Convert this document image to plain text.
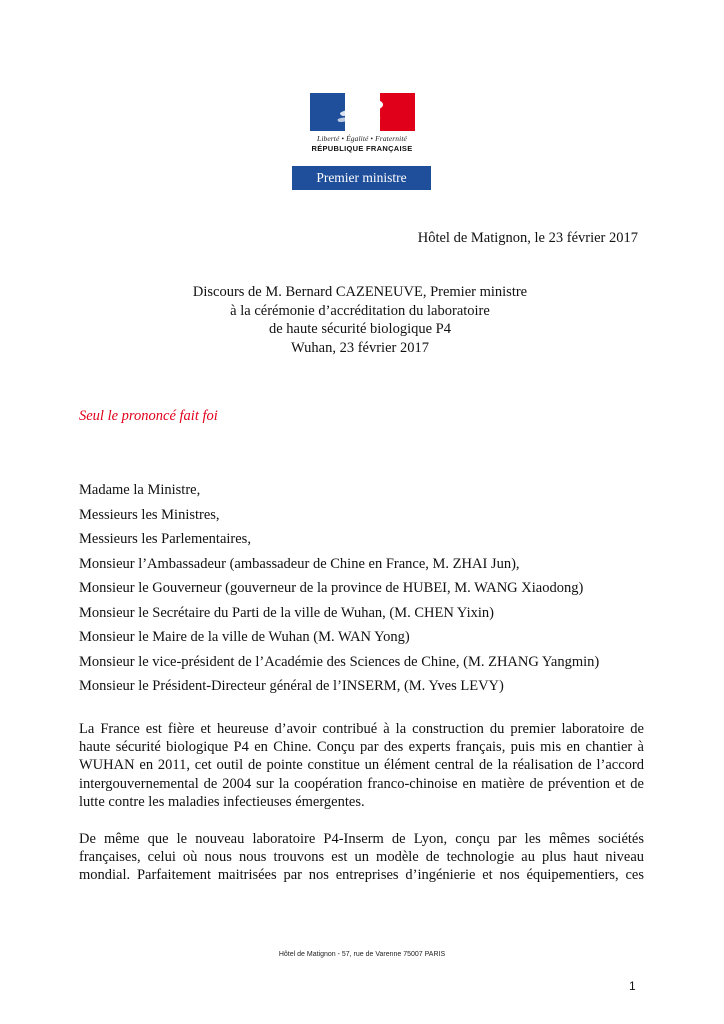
Liberté • Égalité • Fraternité
RÉPUBLIQUE FRANÇAISE
Premier ministre
Hôtel de Matignon, le 23 février 2017
Discours de M. Bernard CAZENEUVE, Premier ministre
à la cérémonie d’accréditation du laboratoire
de haute sécurité biologique P4
Wuhan, 23 février 2017
Seul le prononcé fait foi
Madame la Ministre,
Messieurs les Ministres,
Messieurs les Parlementaires,
Monsieur l’Ambassadeur (ambassadeur de Chine en France, M. ZHAI Jun),
Monsieur le Gouverneur (gouverneur de la province de HUBEI, M. WANG Xiaodong)
Monsieur le Secrétaire du Parti de la ville de Wuhan, (M. CHEN Yixin)
Monsieur le Maire de la ville de Wuhan (M. WAN Yong)
Monsieur le vice-président de l’Académie des Sciences de Chine, (M. ZHANG Yangmin)
Monsieur le Président-Directeur général de l’INSERM, (M. Yves LEVY)
La France est fière et heureuse d’avoir contribué à la construction du premier laboratoire de
haute sécurité biologique P4 en Chine. Conçu par des experts français, puis mis en chantier à
WUHAN en 2011, cet outil de pointe constitue un élément central de la réalisation de l’accord
intergouvernemental de 2004 sur la coopération franco-chinoise en matière de prévention et de
lutte contre les maladies infectieuses émergentes.
De même que le nouveau laboratoire P4-Inserm de Lyon, conçu par les mêmes sociétés
françaises, celui où nous nous trouvons est un modèle de technologie au plus haut niveau
mondial. Parfaitement maitrisées par nos entreprises d’ingénierie et nos équipementiers, ces
Hôtel de Matignon - 57, rue de Varenne 75007 PARIS
1
